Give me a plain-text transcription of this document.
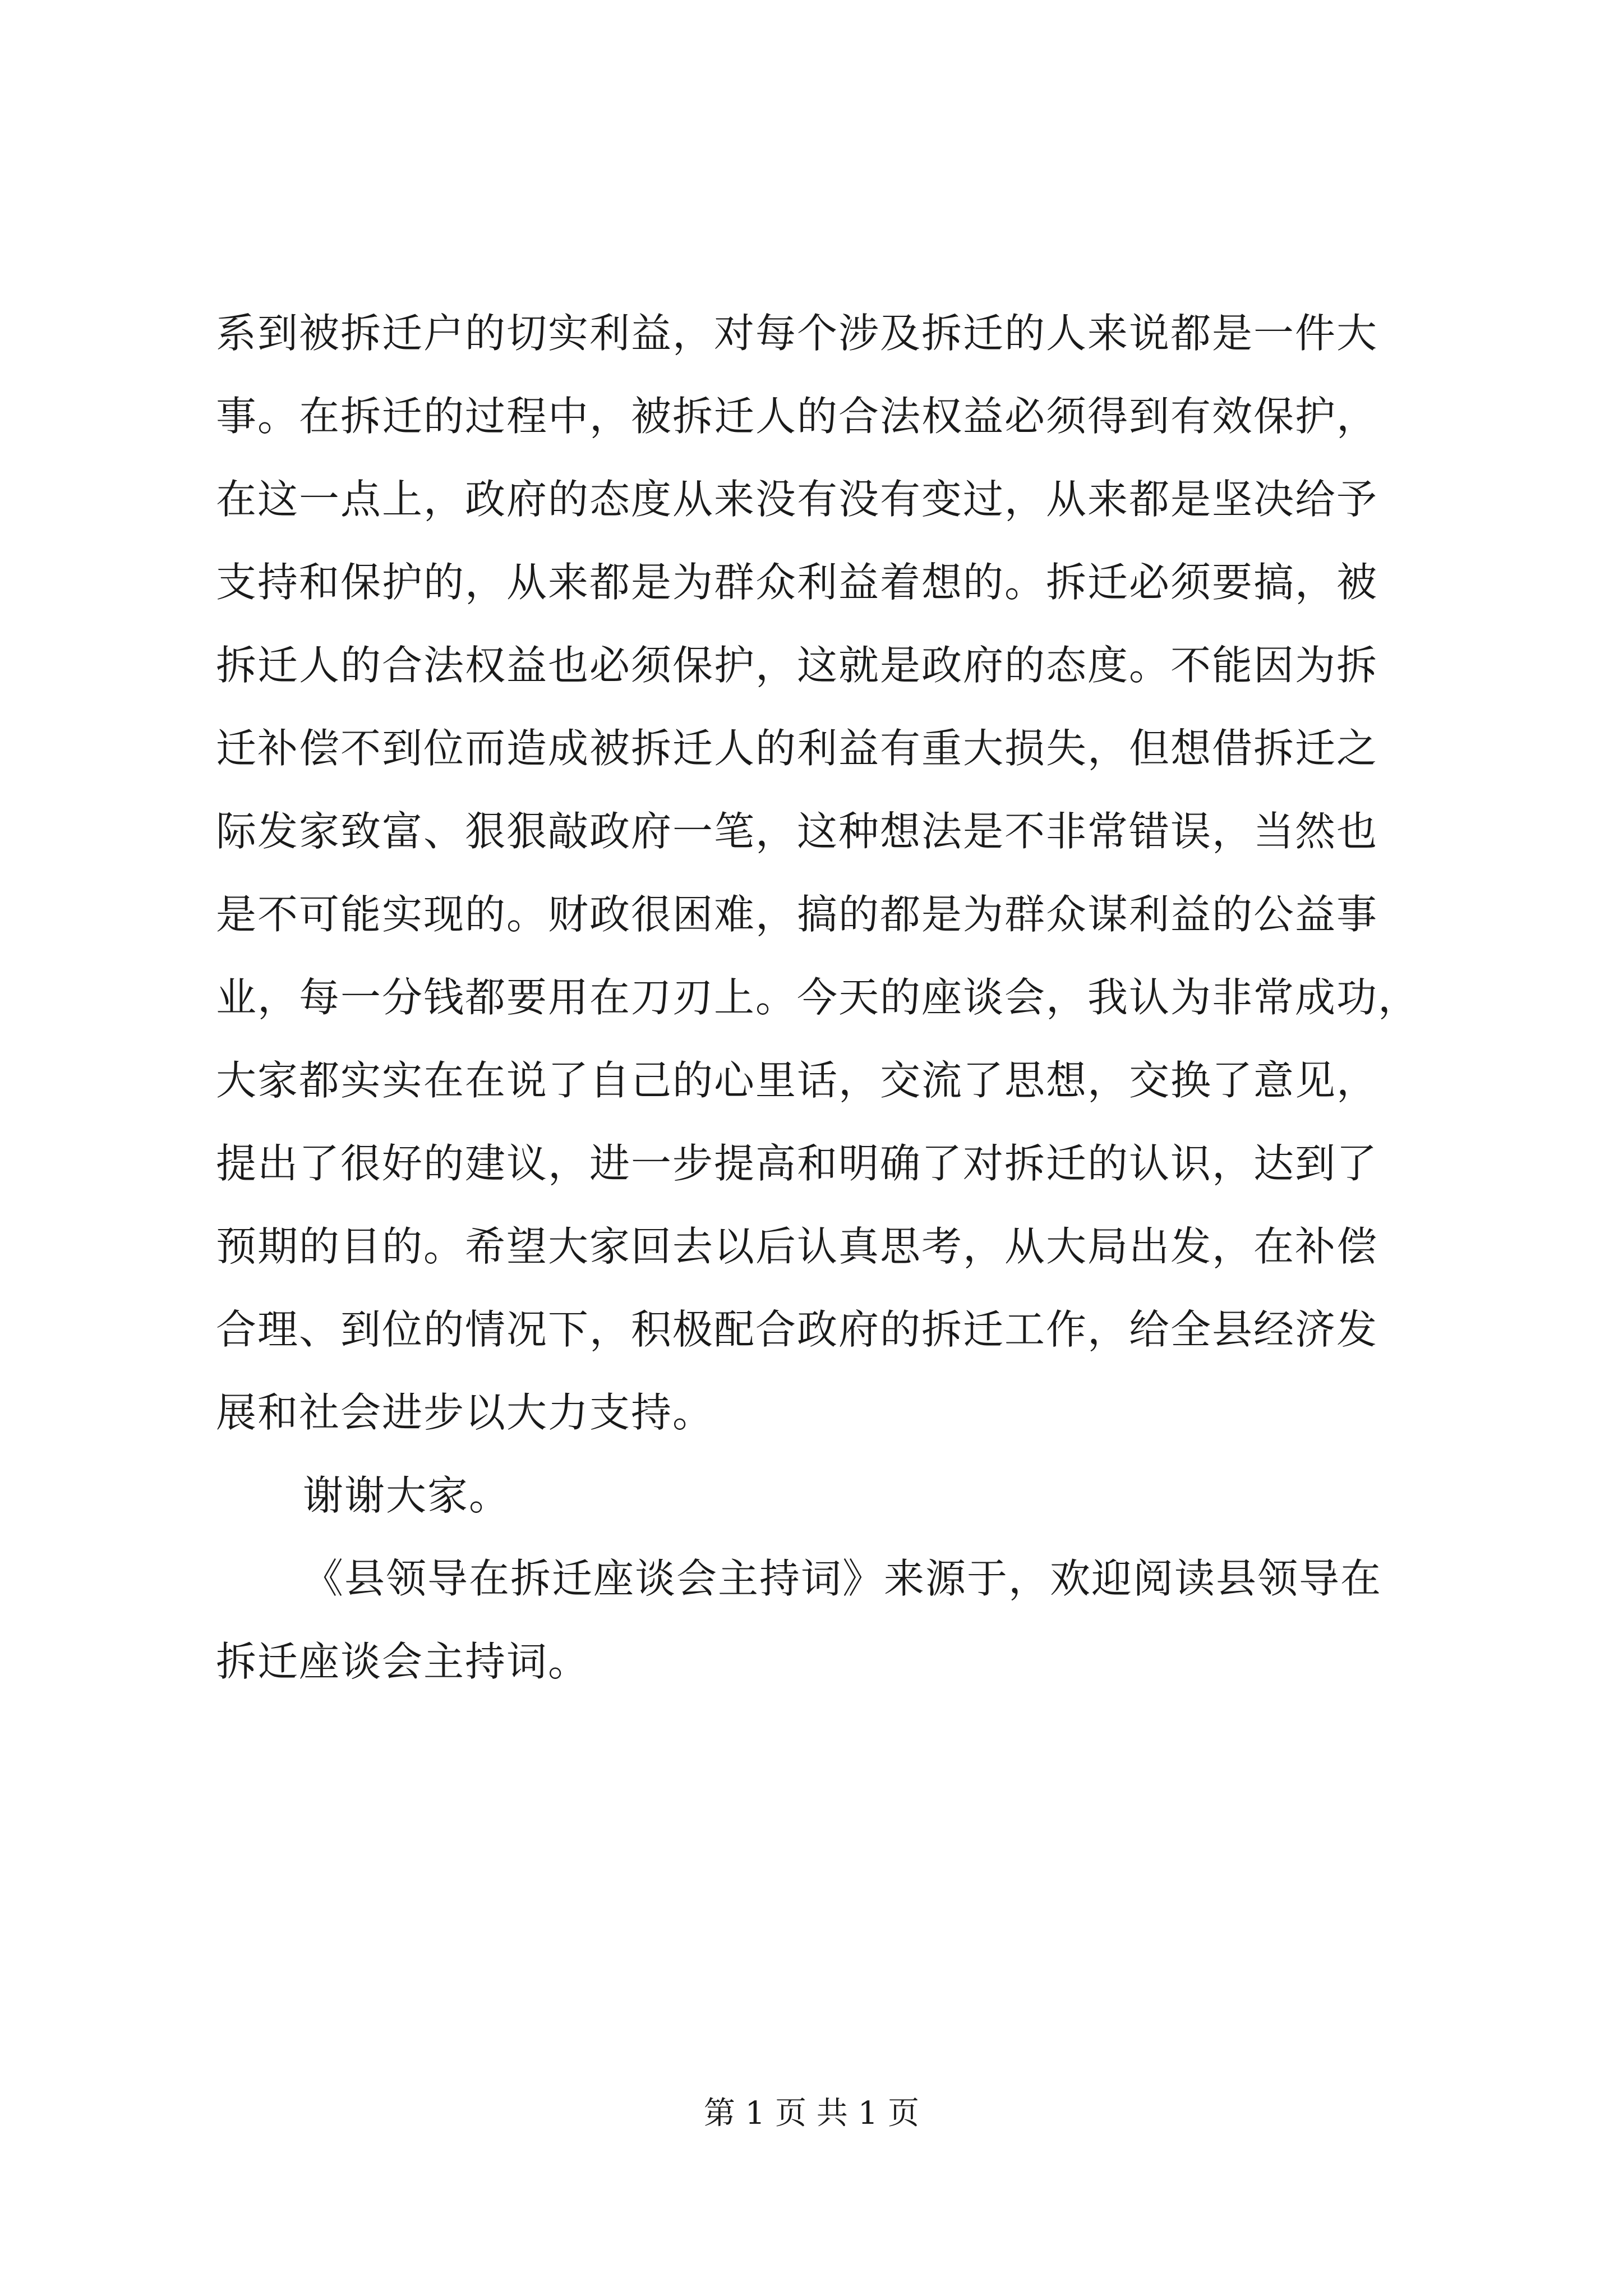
系到被拆迁户的切实利益，对每个涉及拆迁的人来说都是一件大
事。在拆迁的过程中，被拆迁人的合法权益必须得到有效保护，
在这一点上，政府的态度从来没有没有变过，从来都是坚决给予
支持和保护的，从来都是为群众利益着想的。拆迁必须要搞，被
拆迁人的合法权益也必须保护，这就是政府的态度。不能因为拆
迁补偿不到位而造成被拆迁人的利益有重大损失，但想借拆迁之
际发家致富、狠狠敲政府一笔，这种想法是不非常错误，当然也
是不可能实现的。财政很困难，搞的都是为群众谋利益的公益事
业，每一分钱都要用在刀刃上。今天的座谈会，我认为非常成功，
大家都实实在在说了自己的心里话，交流了思想，交换了意见，
提出了很好的建议，进一步提高和明确了对拆迁的认识，达到了
预期的目的。希望大家回去以后认真思考，从大局出发，在补偿
合理、到位的情况下，积极配合政府的拆迁工作，给全县经济发
展和社会进步以大力支持。
谢谢大家。
《县领导在拆迁座谈会主持词》来源于，欢迎阅读县领导在
拆迁座谈会主持词。
第 1 页 共 1 页
